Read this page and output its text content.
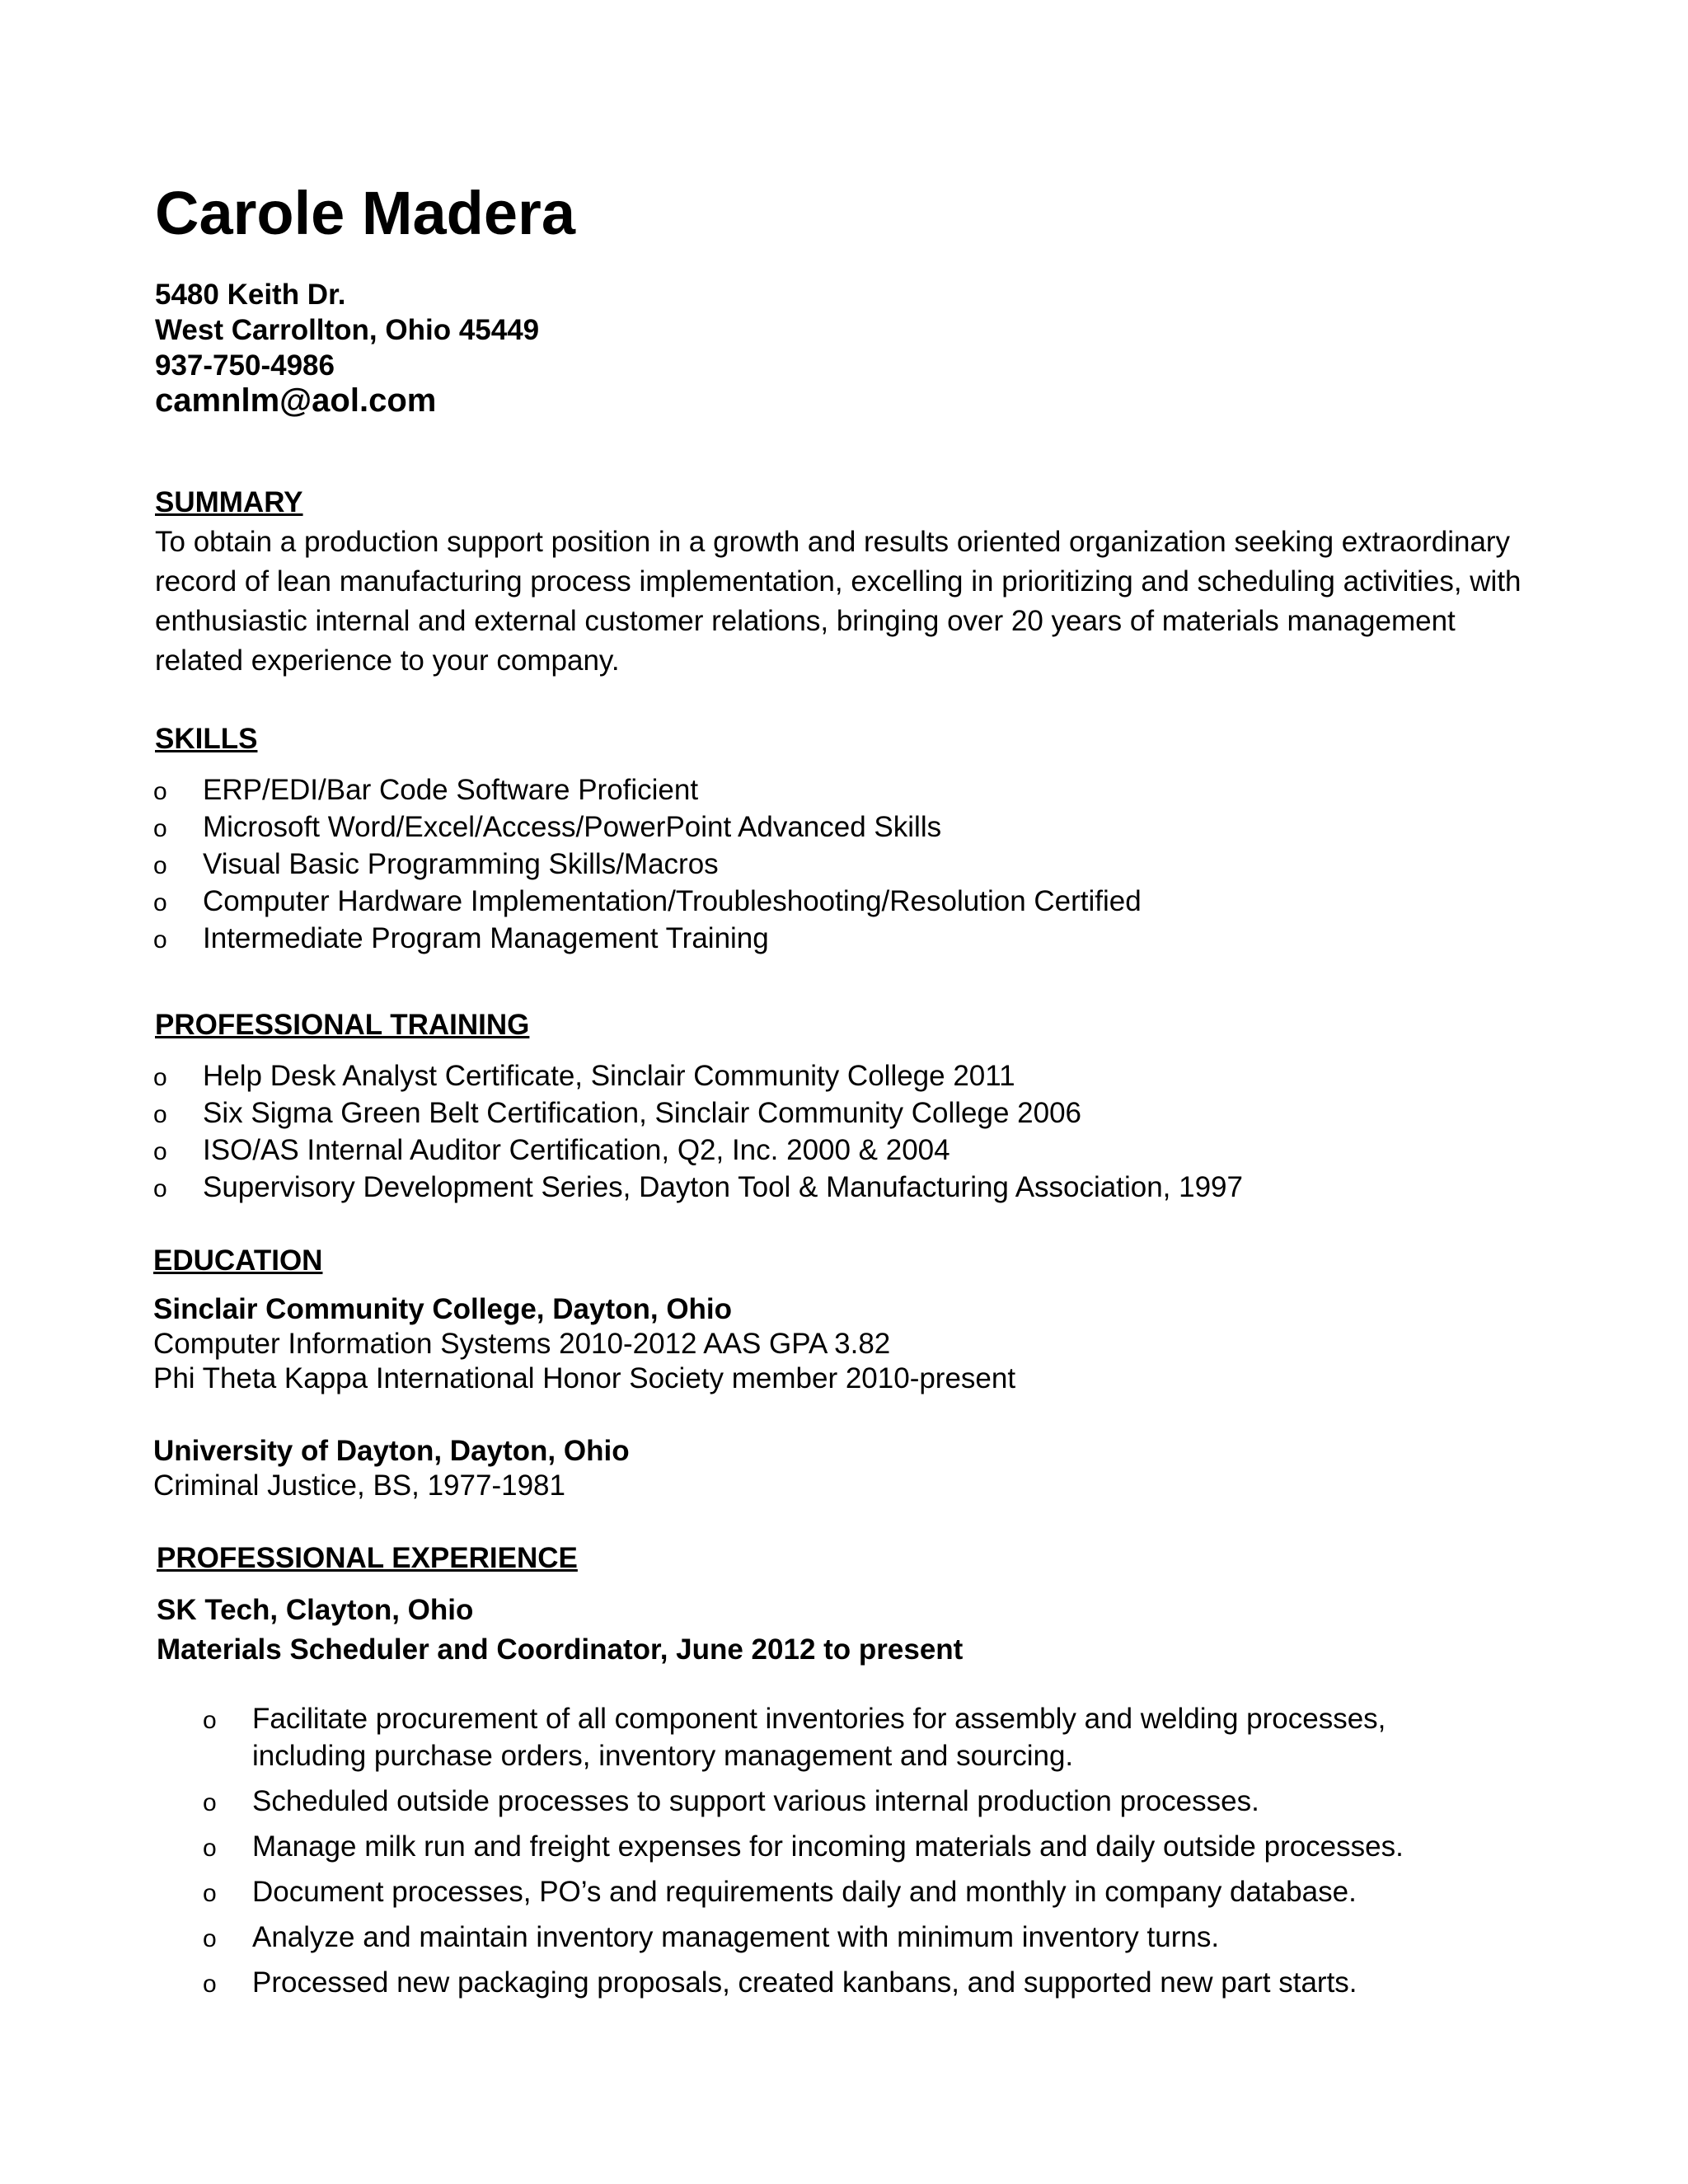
Carole Madera
5480 Keith Dr.
West Carrollton, Ohio 45449
937-750-4986
camnlm@aol.com
SUMMARY
To obtain a production support position in a growth and results oriented organization seeking extraordinary record of lean manufacturing process implementation, excelling in prioritizing and scheduling activities, with enthusiastic internal and external customer relations, bringing over 20 years of materials management related experience to your company.
SKILLS
o	ERP/EDI/Bar Code Software Proficient
o	Microsoft Word/Excel/Access/PowerPoint Advanced Skills
o	Visual Basic Programming Skills/Macros
o	Computer Hardware Implementation/Troubleshooting/Resolution Certified
o	Intermediate Program Management Training
PROFESSIONAL TRAINING
o	Help Desk Analyst Certificate, Sinclair Community College 2011
o	Six Sigma Green Belt Certification, Sinclair Community College 2006
o	ISO/AS Internal Auditor Certification, Q2, Inc. 2000 & 2004
o	Supervisory Development Series, Dayton Tool & Manufacturing Association, 1997
EDUCATION
Sinclair Community College, Dayton, Ohio
Computer Information Systems 2010-2012 AAS GPA 3.82
Phi Theta Kappa International Honor Society member 2010-present
University of Dayton, Dayton, Ohio
Criminal Justice, BS, 1977-1981
PROFESSIONAL EXPERIENCE
SK Tech, Clayton, Ohio
Materials Scheduler and Coordinator, June 2012 to present
o	Facilitate procurement of all component inventories for assembly and welding processes, including purchase orders, inventory management and sourcing.
o	Scheduled outside processes to support various internal production processes.
o	Manage milk run and freight expenses for incoming materials and daily outside processes.
o	Document processes, PO’s and requirements daily and monthly in company database.
o	Analyze and maintain inventory management with minimum inventory turns.
o	Processed new packaging proposals, created kanbans, and supported new part starts.
